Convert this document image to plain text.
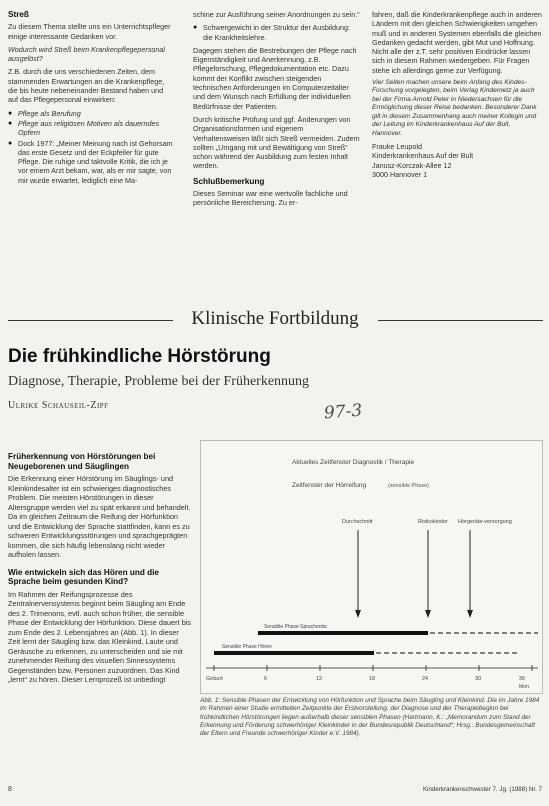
Streß

Zu diesem Thema stellte uns ein Unterrichtspfleger einige interessante Gedanken vor.

Wodurch wird Streß beim Krankenpflegepersonal ausgelöst?

Z.B. durch die uns verschiedenen Zeiten, dem stammenden Erwartungen an die Krankenpflege, die bis heute nebeneinander Bestand haben und auf das Pflegepersonal einwirken:

● Pflege als Berufung
● Pflege aus religiösen Motiven als dauerndes Opfern
● Dock 1977: „Meiner Meinung nach ist Gehorsam das erste Gesetz und der Eckpfeiler für gute Pflege. Die ruhige und taktvolle Kritik, die ich je vor einem Arzt bekam, war, als er mir sagte, von mir wurde erwartet, lediglich eine Ma-

schine zur Ausführung seiner Anordnungen zu sein.“

● Schwergewicht in der Struktur der Ausbildung: die Krankheitslehre.

Dagegen stehen die Bestrebungen der Pflege nach Eigenständigkeit und Anerkennung, z.B. Pflegeforschung, Pflegedokumentation etc. Dazu kommt der Konflikt zwischen steigenden technischen Anforderungen im Computerzeitalter und dem Wunsch nach Erfüllung der individuellen Bedürfnisse der Patienten.

Durch kritische Prüfung und ggf. Änderungen von Organisationsformen und eigenem Verhaltensweisen läßt sich Streß vermeiden. Zudem sollten „Umgang mit und Bewältigung von Streß“ schon während der Ausbildung zum festen Inhalt werden.

Schlußbemerkung

Dieses Seminar war eine wertvolle fachliche und persönliche Bereicherung. Zu er-

fahren, daß die Kinderkrankenpflege auch in anderen Ländern mit den gleichen Schwierigkeiten umgehen muß und in anderen Systemen ebenfalls die gleichen Gedanken gedacht werden, gibt Mut und Hoffnung. Nicht alle der z.T. sehr positiven Eindrücke lassen sich in diesem Rahmen wiedergeben. Für Fragen stehe ich allerdings gerne zur Verfügung.

Vier Seiten machen unsere beim Anfang des Kindes-Forschung vorgelegten, beim Verlag Kindernetz ja auch bei der Firma Arnold Peter in Niedersachsen für die Ermöglichung dieser Reise bedanken. Besonderer Dank gilt in diesem Zusammenhang auch meiner Kollegin und der Leitung im Kinderkrankenhaus Auf der Bult, Hannover.

Frauke Leupold
Kinderkrankenhaus Auf der Bult
Janusz-Korczak-Allee 12
3000 Hannover 1
Klinische Fortbildung
Die frühkindliche Hörstörung
Diagnose, Therapie, Probleme bei der Früherkennung
Ulrike Schauseil-Zipf	97-3
Früherkennung von Hörstörungen bei Neugeborenen und Säuglingen

Die Erkennung einer Hörstörung im Säuglings- und Kleinkindesalter ist ein schwieriges diagnostisches Problem. Die meisten Hörstörungen in dieser Altersgruppe werden viel zu spät erkannt und behandelt. Da im gleichen Zeitraum die Reifung der Hörfunktion und die Entwicklung der Sprache stattfinden, kann es zu schweren Entwicklungsstörungen und sprachgeprägten kommen, die sich häufig lebenslang nicht wieder aufholen lassen.

Wie entwickeln sich das Hören und die Sprache beim gesunden Kind?

Im Rahmen der Reifungsprozesse des Zentralnervensystems beginnt beim Säugling am Ende des 2. Trimenons, evtl. auch schon früher, die sensible Phase der Entwicklung der Hörfunktion. Diese dauert bis zum Ende des 2. Lebensjahres an (Abb. 1). In dieser Zeit lernt der Säugling bzw. das Kleinkind, Laute und Geräusche zu erkennen, zu unterscheiden und sie mit zunehmender Reifung des visuellen Sinnessystems Gegenständen bzw. Personen zuzuordnen. Das Kind „lernt“ zu hören. Dieser Lernprozeß ist unbedingt

Aktuelles Zeitfenster Diagnostik / Therapie
Zeitfenster der Hörreifung	(sensible Phase)
Durchschnitt	Risikokinder Hörgeräte-versorgung
Sensible Phase Sprachentw.
Sensible Phase Hören
Geburt	6	12	18	24	30	36
Mon.
Abb. 1: Sensible Phasen der Entwicklung von Hörfunktion und Sprache beim Säugling und Kleinkind. Die im Jahre 1984 im Rahmen einer Studie ermittelten Zeitpunkte der Erstvorstellung, der Diagnose und der Therapiebeginn bei frühkindlichen Hörstörungen liegen außerhalb dieser sensiblen Phasen (Hartmann, K.: „Memorandum zum Stand der Erkennung und Förderung schwerhöriger Kleinkinder in der Bundesrepublik Deutschland“; Hrsg.: Bundesgemeinschaft der Eltern und Freunde schwerhöriger Kinder e.V. 1984).
8	Kinderkrankenschwester 7. Jg. (1988) Nr. 7
